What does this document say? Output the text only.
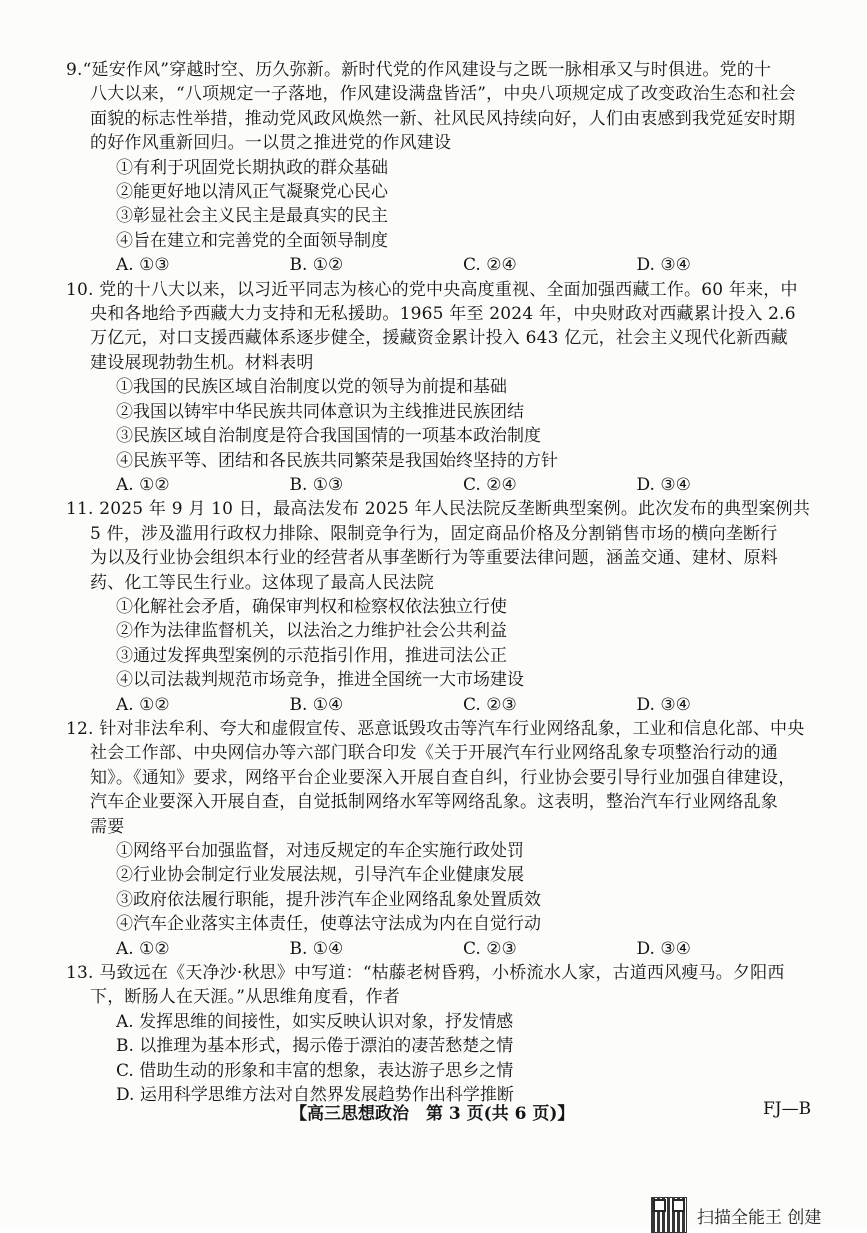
9.“延安作风”穿越时空、历久弥新。新时代党的作风建设与之既一脉相承又与时俱进。党的十
八大以来，“八项规定一子落地，作风建设满盘皆活”，中央八项规定成了改变政治生态和社会
面貌的标志性举措，推动党风政风焕然一新、社风民风持续向好，人们由衷感到我党延安时期
的好作风重新回归。一以贯之推进党的作风建设
①有利于巩固党长期执政的群众基础
②能更好地以清风正气凝聚党心民心
③彰显社会主义民主是最真实的民主
④旨在建立和完善党的全面领导制度
A. ①③	B. ①②	C. ②④	D. ③④
10. 党的十八大以来，以习近平同志为核心的党中央高度重视、全面加强西藏工作。60 年来，中
央和各地给予西藏大力支持和无私援助。1965 年至 2024 年，中央财政对西藏累计投入 2.6
万亿元，对口支援西藏体系逐步健全，援藏资金累计投入 643 亿元，社会主义现代化新西藏
建设展现勃勃生机。材料表明
①我国的民族区域自治制度以党的领导为前提和基础
②我国以铸牢中华民族共同体意识为主线推进民族团结
③民族区域自治制度是符合我国国情的一项基本政治制度
④民族平等、团结和各民族共同繁荣是我国始终坚持的方针
A. ①②	B. ①③	C. ②④	D. ③④
11. 2025 年 9 月 10 日，最高法发布 2025 年人民法院反垄断典型案例。此次发布的典型案例共
5 件，涉及滥用行政权力排除、限制竞争行为，固定商品价格及分割销售市场的横向垄断行
为以及行业协会组织本行业的经营者从事垄断行为等重要法律问题，涵盖交通、建材、原料
药、化工等民生行业。这体现了最高人民法院
①化解社会矛盾，确保审判权和检察权依法独立行使
②作为法律监督机关，以法治之力维护社会公共利益
③通过发挥典型案例的示范指引作用，推进司法公正
④以司法裁判规范市场竞争，推进全国统一大市场建设
A. ①②	B. ①④	C. ②③	D. ③④
12. 针对非法牟利、夸大和虚假宣传、恶意诋毁攻击等汽车行业网络乱象，工业和信息化部、中央
社会工作部、中央网信办等六部门联合印发《关于开展汽车行业网络乱象专项整治行动的通
知》。《通知》要求，网络平台企业要深入开展自查自纠，行业协会要引导行业加强自律建设，
汽车企业要深入开展自查，自觉抵制网络水军等网络乱象。这表明，整治汽车行业网络乱象
需要
①网络平台加强监督，对违反规定的车企实施行政处罚
②行业协会制定行业发展法规，引导汽车企业健康发展
③政府依法履行职能，提升涉汽车企业网络乱象处置质效
④汽车企业落实主体责任，使尊法守法成为内在自觉行动
A. ①②	B. ①④	C. ②③	D. ③④
13. 马致远在《天净沙·秋思》中写道：“枯藤老树昏鸦，小桥流水人家，古道西风瘦马。夕阳西
下，断肠人在天涯。”从思维角度看，作者
A. 发挥思维的间接性，如实反映认识对象，抒发情感
B. 以推理为基本形式，揭示倦于漂泊的凄苦愁楚之情
C. 借助生动的形象和丰富的想象，表达游子思乡之情
D. 运用科学思维方法对自然界发展趋势作出科学推断
【高三思想政治　第 3 页(共 6 页)】	FJ—B
扫描全能王 创建
